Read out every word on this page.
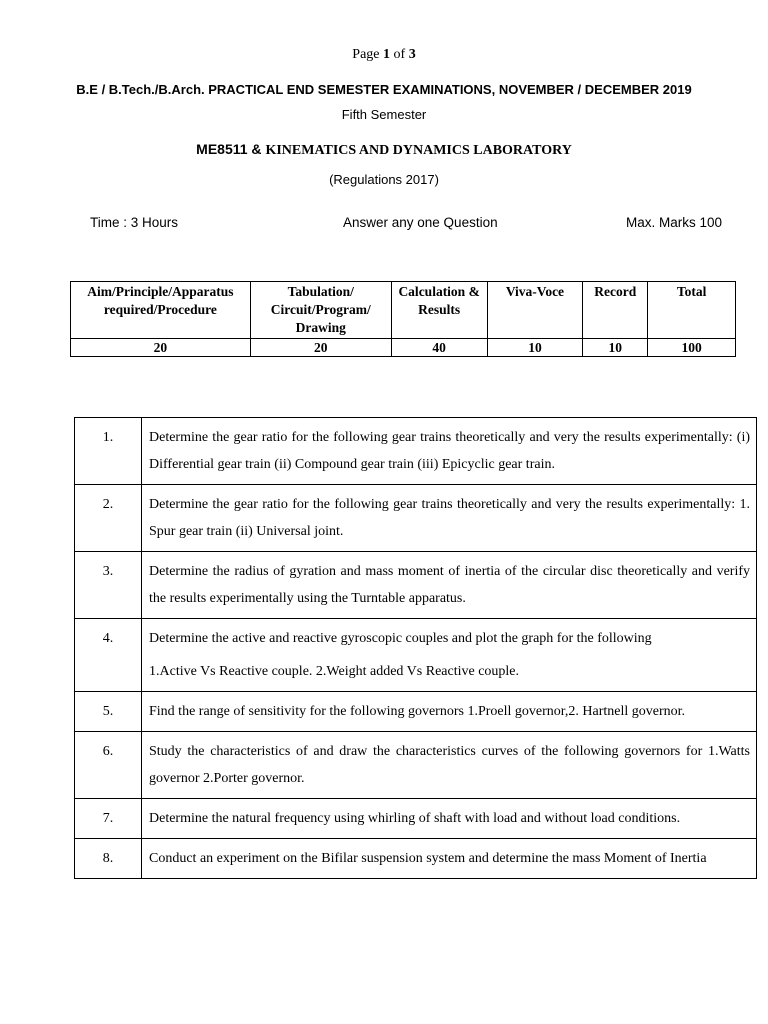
Page 1 of 3
B.E / B.Tech./B.Arch. PRACTICAL END SEMESTER EXAMINATIONS, NOVEMBER / DECEMBER 2019
Fifth Semester
ME8511 & KINEMATICS AND DYNAMICS LABORATORY
(Regulations 2017)
Time : 3 Hours	Answer any one Question	Max. Marks 100
Aim/Principle/Apparatus required/Procedure	Tabulation/ Circuit/Program/ Drawing	Calculation & Results	Viva-Voce	Record	Total
20	20	40	10	10	100
1.	Determine the gear ratio for the following gear trains theoretically and very the results experimentally: (i) Differential gear train (ii) Compound gear train (iii) Epicyclic gear train.
2.	Determine the gear ratio for the following gear trains theoretically and very the results experimentally: 1. Spur gear train (ii) Universal joint.
3.	Determine the radius of gyration and mass moment of inertia of the circular disc theoretically and verify the results experimentally using the Turntable apparatus.
4.	Determine the active and reactive gyroscopic couples and plot the graph for the following
1.Active Vs Reactive couple. 2.Weight added Vs Reactive couple.

5.	Find the range of sensitivity for the following governors 1.Proell governor,2. Hartnell governor.
6.	Study the characteristics of and draw the characteristics curves of the following governors for 1.Watts governor 2.Porter governor.
7.	Determine the natural frequency using whirling of shaft with load and without load conditions.
8.	Conduct an experiment on the Bifilar suspension system and determine the mass Moment of Inertia
